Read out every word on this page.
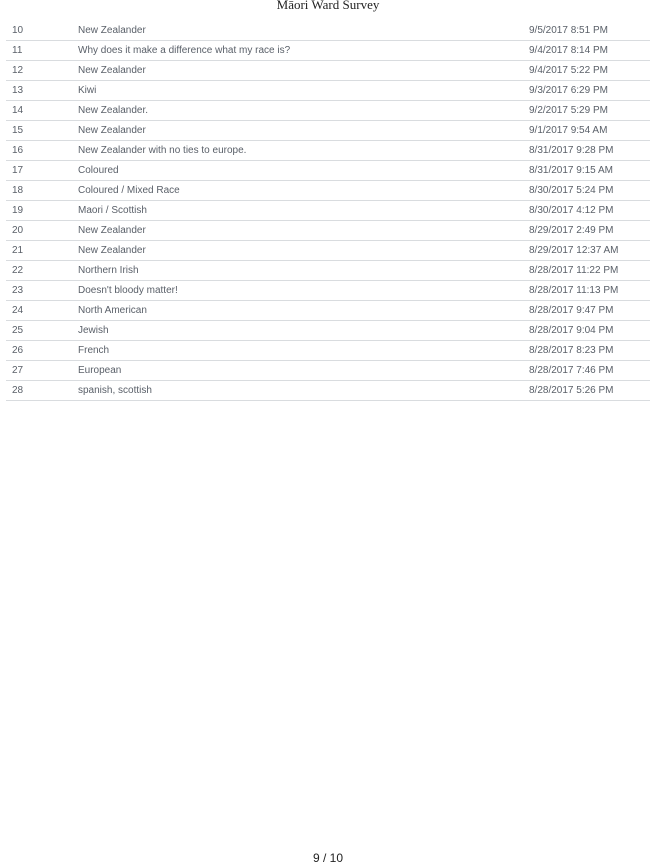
Māori Ward Survey
10	New Zealander	9/5/2017 8:51 PM
11	Why does it make a difference what my race is?	9/4/2017 8:14 PM
12	New Zealander	9/4/2017 5:22 PM
13	Kiwi	9/3/2017 6:29 PM
14	New Zealander.	9/2/2017 5:29 PM
15	New Zealander	9/1/2017 9:54 AM
16	New Zealander with no ties to europe.	8/31/2017 9:28 PM
17	Coloured	8/31/2017 9:15 AM
18	Coloured / Mixed Race	8/30/2017 5:24 PM
19	Maori / Scottish	8/30/2017 4:12 PM
20	New Zealander	8/29/2017 2:49 PM
21	New Zealander	8/29/2017 12:37 AM
22	Northern Irish	8/28/2017 11:22 PM
23	Doesn't bloody matter!	8/28/2017 11:13 PM
24	North American	8/28/2017 9:47 PM
25	Jewish	8/28/2017 9:04 PM
26	French	8/28/2017 8:23 PM
27	European	8/28/2017 7:46 PM
28	spanish, scottish	8/28/2017 5:26 PM
9 / 10
